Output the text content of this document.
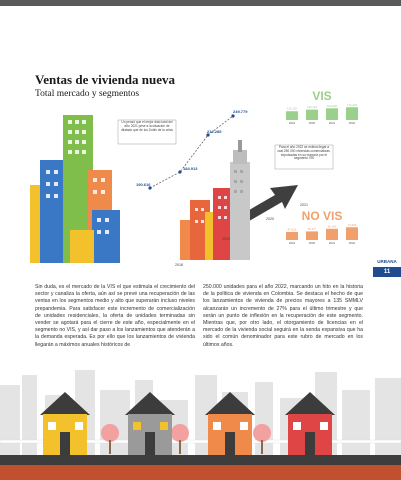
Ventas de vivienda nueva
Total mercado y segmentos
URBANA
11
190.616
184.913
212.285
249.779
Un pensó que el mejor dato total del año 2021 pese a la situación de dilatado que de los Doble de la crisis
2018
2019
2020
2021
Para el año 2022 se estima llegar a casi 250.000 viviendas comercializas, impulsadas en su mayoría por el segmento VIS
VIS
120.102
2019
142.121
2020
160.000
2021
174.203
2022
NO VIS
47.615
2019
50.477
2020
65.163
2021
74.606
2022
Sin duda, es el mercado de la VIS el que estimula el crecimiento del sector y canaliza la oferta, aún así se prevé una recuperación de las ventas en los segmentos medio y alto que superarán incluso niveles prepandemia. Para satisfacer este incremento de comercialización de unidades residenciales, la oferta de unidades terminadas sin vender se agotará para el cierre de este año, especialmente en el segmento no VIS, y así dar paso a los lanzamientos que atenderán a la demanda esperada. Es por ello que los lanzamientos de vivienda llegarán a máximos anuales históricos de
250.000 unidades para el año 2022, marcando un hito en la historia de la política de vivienda en Colombia. Se destaca el hecho de que los lanzamientos de vivienda de precios mayores a 135 SMMLV alcanzarán un incremento de 27% para el último trimestre y que serán un punto de inflexión en la recuperación de este segmento. Mientras que, por otro lado, el otorgamiento de licencias en el mercado de la vivienda social seguirá en la senda expansiva que ha sido el común denominador para este rubro de mercado en los últimos años.
